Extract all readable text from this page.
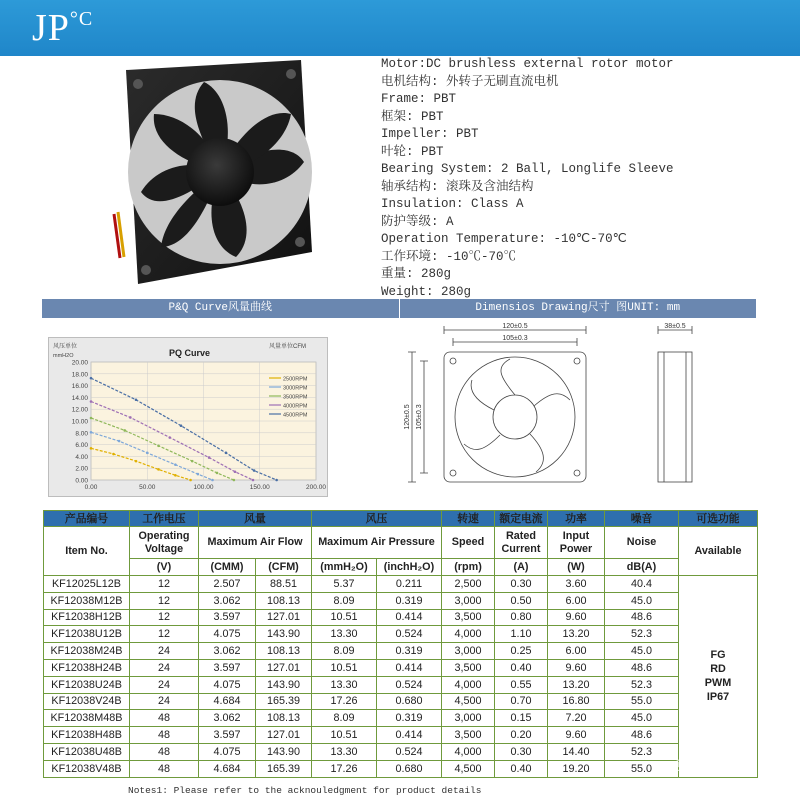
$JP^{^\circ C}$
Motor:DC brushless external rotor motor
电机结构: 外转子无刷直流电机
Frame: PBT
框架: PBT
Impeller: PBT
叶轮: PBT
Bearing System: 2 Ball, Longlife Sleeve
轴承结构: 滚珠及含油结构
Insulation: Class A
防护等级: A
Operation Temperature: -10℃-70℃
工作环境: -10℃-70℃
重量: 280g
Weight: 280g
P&Q Curve风量曲线	Dimensios Drawing尺寸 图UNIT: mm
0.00
2.00
4.00
6.00
8.00
10.00
12.00
14.00
16.00
18.00
20.00
0.00	50.00	100.00	150.00	200.00
PQ Curve
风压单位
mmH2O
风量单位CFM
2500RPM
3000RPM
3500RPM
4000RPM
4500RPM
120±0.5
105±0.3
120±0.5 105±0.3
38±0.5
产品编号	工作电压	风量		风压		转速	额定电流	功率	噪音	可选功能
Item No.	Operating Voltage	Maximum Air Flow		Maximum Air Pressure		Speed	Rated Current	Input Power	Noise	Available
	(V)	(CMM)	(CFM)	(mmH₂O)	(inchH₂O)	(rpm)	(A)	(W)	dB(A)	
KF12025L12B	12	2.507	88.51	5.37	0.211	2,500	0.30	3.60	40.4	FG
RD
PWM
IP67

KF12038M12B	12	3.062	108.13	8.09	0.319	3,000	0.50	6.00	45.0	
KF12038H12B	12	3.597	127.01	10.51	0.414	3,500	0.80	9.60	48.6	
KF12038U12B	12	4.075	143.90	13.30	0.524	4,000	1.10	13.20	52.3	
KF12038M24B	24	3.062	108.13	8.09	0.319	3,000	0.25	6.00	45.0	
KF12038H24B	24	3.597	127.01	10.51	0.414	3,500	0.40	9.60	48.6	
KF12038U24B	24	4.075	143.90	13.30	0.524	4,000	0.55	13.20	52.3	
KF12038V24B	24	4.684	165.39	17.26	0.680	4,500	0.70	16.80	55.0	
KF12038M48B	48	3.062	108.13	8.09	0.319	3,000	0.15	7.20	45.0	
KF12038H48B	48	3.597	127.01	10.51	0.414	3,500	0.20	9.60	48.6	
KF12038U48B	48	4.075	143.90	13.30	0.524	4,000	0.30	14.40	52.3	
KF12038V48B	48	4.684	165.39	17.26	0.680	4,500	0.40	19.20	55.0	
Notes1: Please refer to the acknouledgment for product details
豆包AI生成
